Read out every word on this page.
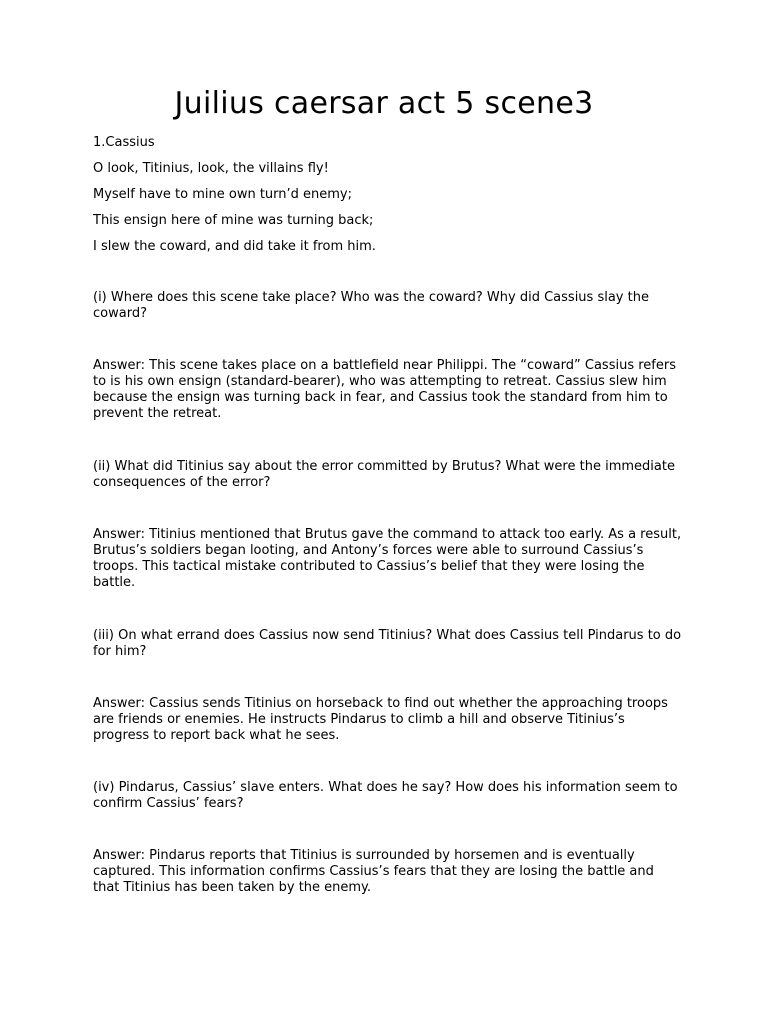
Juilius caersar act 5 scene3

1.Cassius

O look, Titinius, look, the villains fly!

Myself have to mine own turn’d enemy;

This ensign here of mine was turning back;

I slew the coward, and did take it from him.

(i) Where does this scene take place? Who was the coward? Why did Cassius slay the coward?

Answer: This scene takes place on a battlefield near Philippi. The “coward” Cassius refers to is his own ensign (standard-bearer), who was attempting to retreat. Cassius slew him because the ensign was turning back in fear, and Cassius took the standard from him to prevent the retreat.

(ii) What did Titinius say about the error committed by Brutus? What were the immediate consequences of the error?

Answer: Titinius mentioned that Brutus gave the command to attack too early. As a result, Brutus’s soldiers began looting, and Antony’s forces were able to surround Cassius’s troops. This tactical mistake contributed to Cassius’s belief that they were losing the battle.

(iii) On what errand does Cassius now send Titinius? What does Cassius tell Pindarus to do for him?

Answer: Cassius sends Titinius on horseback to find out whether the approaching troops are friends or enemies. He instructs Pindarus to climb a hill and observe Titinius’s progress to report back what he sees.

(iv) Pindarus, Cassius’ slave enters. What does he say? How does his information seem to confirm Cassius’ fears?

Answer: Pindarus reports that Titinius is surrounded by horsemen and is eventually captured. This information confirms Cassius’s fears that they are losing the battle and that Titinius has been taken by the enemy.
